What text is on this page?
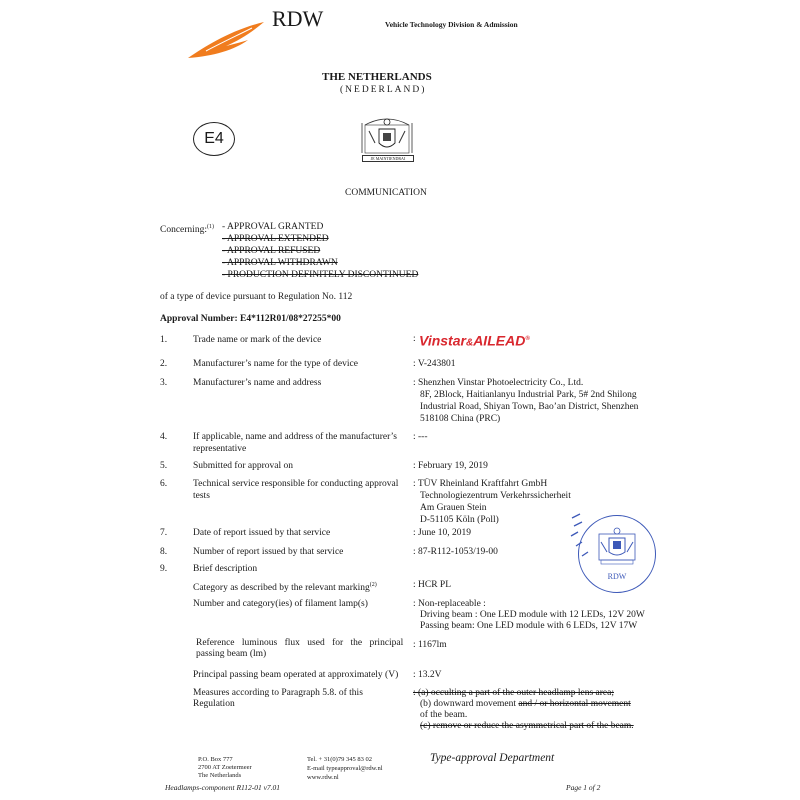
RDW	Vehicle Technology Division & Admission
THE NETHERLANDS
(NEDERLAND)
E4
JE MAINTIENDRAI
COMMUNICATION
Concerning:$^{(1)}$ - APPROVAL GRANTED
- APPROVAL EXTENDED
- APPROVAL REFUSED
- APPROVAL WITHDRAWN
- PRODUCTION DEFINITELY DISCONTINUED
of a type of device pursuant to Regulation No. 112
Approval Number: E4*112R01/08*27255*00
1.	Trade name or mark of the device	: Vinstar&AILEAD®
2.	Manufacturer’s name for the type of device	: V-243801
3.	Manufacturer’s name and address	: Shenzhen Vinstar Photoelectricity Co., Ltd.
8F, 2Block, Haitianlanyu Industrial Park, 5# 2nd Shilong
Industrial Road, Shiyan Town, Bao’an District, Shenzhen
518108 China (PRC)
4.	If applicable, name and address of the manufacturer’s
representative
: ---
5.	Submitted for approval on	: February 19, 2019
6.	Technical service responsible for conducting approval
tests
: TÜV Rheinland Kraftfahrt GmbH
Technologiezentrum Verkehrssicherheit
Am Grauen Stein
D-51105 Köln (Poll)
7.	Date of report issued by that service	: June 10, 2019
8.	Number of report issued by that service	: 87-R112-1053/19-00
9.	Brief description
Category as described by the relevant marking$^{(2)}$	: HCR PL
Number and category(ies) of filament lamp(s)	: Non-replaceable :
Driving beam : One LED module with 12 LEDs, 12V 20W
Passing beam: One LED module with 6 LEDs, 12V 17W
Reference luminous flux used for the principal
passing beam (lm)
: 1167lm
Principal passing beam operated at approximately (V) : 13.2V
Measures according to Paragraph 5.8. of this
Regulation
: (a) occulting a part of the outer headlamp lens area;
(b) downward movement and / or horizontal movement
of the beam.
(c) remove or reduce the asymmetrical part of the beam.
RDW
P.O. Box 777
2700 AT Zoetermeer
The Netherlands
Tel. + 31(0)79 345 83 02
E-mail typeapproval@rdw.nl
www.rdw.nl
Type-approval Department
Headlamps-component R112-01 v7.01	Page 1 of 2
